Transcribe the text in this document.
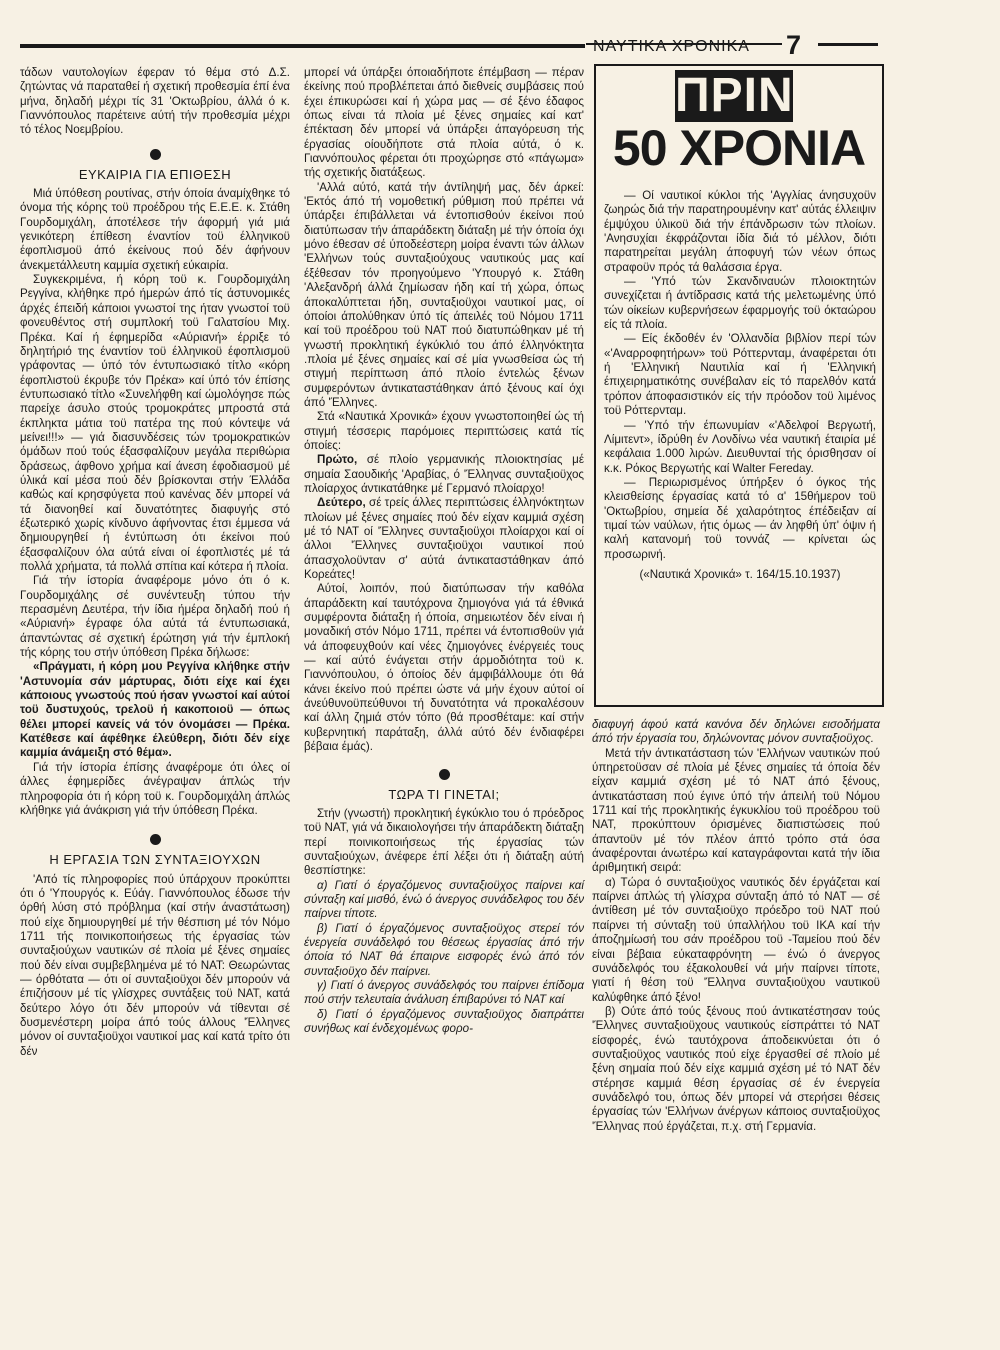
ΝΑΥΤΙΚΑ ΧΡΟΝΙΚΑ 7

τάδων ναυτολογίων έφεραν τό θέμα στό Δ.Σ. ζητώντας νά παραταθεί ή σχετική προθεσμία έπί ένα μήνα, δηλαδή μέχρι τίς 31 'Οκτωβρίου, άλλά ό κ. Γιαννόπουλος παρέτεινε αύτή τήν προθεσμία μέχρι τό τέλος Νοεμβρίου.

ΕΥΚΑΙΡΙΑ ΓΙΑ ΕΠΙΘΕΣΗ

Μιά ύπόθεση ρουτίνας, στήν όποία άναμίχθηκε τό όνομα τής κόρης τοϋ προέδρου τής Ε.Ε.Ε. κ. Στάθη Γουρδομιχάλη, άποτέλεσε τήν άφορμή γιά μιά γενικότερη έπίθεση έναντίον τοϋ έλληνικοϋ έφοπλισμοϋ άπό έκείνους πού δέν άφήνουν άνεκμετάλλευτη καμμία σχετική εύκαιρία.

Συγκεκριμένα, ή κόρη τοϋ κ. Γουρδομιχάλη Ρεγγίνα, κλήθηκε πρό ήμερών άπό τίς άστυνομικές άρχές έπειδή κάποιοι γνωστοί της ήταν γνωστοί τοϋ φονευθέντος στή συμπλοκή τοϋ Γαλατσίου Μιχ. Πρέκα. Καί ή έφημερίδα «Αύριανή» έρριξε τό δηλητήριό της έναντίον τοϋ έλληνικοϋ έφοπλισμοϋ γράφοντας — ύπό τόν έντυπωσιακό τίτλο «κόρη έφοπλιστοϋ έκρυβε τόν Πρέκα» καί ύπό τόν έπίσης έντυπωσιακό τίτλο «Συνελήφθη καί ώμολόγησε πώς παρείχε άσυλο στούς τρομοκράτες μπροστά στά έκπληκτα μάτια τοϋ πατέρα της πού κόντεψε νά μείνει!!!» — γιά διασυνδέσεις τών τρομοκρατικών όμάδων πού τούς έξασφαλίζουν μεγάλα περιθώρια δράσεως, άφθονο χρήμα καί άνεση έφοδιασμοϋ μέ ύλικά καί μέσα πού δέν βρίσκονται στήν Έλλάδα καθώς καί κρησφύγετα πού κανένας δέν μπορεί νά τά διανοηθεί καί δυνατότητες διαφυγής στό έξωτερικό χωρίς κίνδυνο άφήνοντας έτσι έμμεσα νά δημιουργηθεί ή έντύπωση ότι έκείνοι πού έξασφαλίζουν όλα αύτά είναι οί έφοπλιστές μέ τά πολλά χρήματα, τά πολλά σπίτια καί κότερα ή πλοία.

Γιά τήν ίστορία άναφέρομε μόνο ότι ό κ. Γουρδομιχάλης σέ συνέντευξη τύπου τήν περασμένη Δευτέρα, τήν ίδια ήμέρα δηλαδή πού ή «Αύριανή» έγραφε όλα αύτά τά έντυπωσιακά, άπαντώντας σέ σχετική έρώτηση γιά τήν έμπλοκή τής κόρης του στήν ύπόθεση Πρέκα δήλωσε:

«Πράγματι, ή κόρη μου Ρεγγίνα κλήθηκε στήν 'Αστυνομία σάν μάρτυρας, διότι είχε καί έχει κάποιους γνωστούς πού ήσαν γνωστοί καί αύτοί τοϋ δυστυχούς, τρελοϋ ή κακοποιοϋ — όπως θέλει μπορεί κανείς νά τόν όνομάσει — Πρέκα. Κατέθεσε καί άφέθηκε έλεύθερη, διότι δέν είχε καμμία άνάμειξη στό θέμα».

Γιά τήν ίστορία έπίσης άναφέρομε ότι όλες οί άλλες έφημερίδες άνέγραψαν άπλώς τήν πληροφορία ότι ή κόρη τοϋ κ. Γουρδομιχάλη άπλώς κλήθηκε γιά άνάκριση γιά τήν ύπόθεση Πρέκα.

Η ΕΡΓΑΣΙΑ ΤΩΝ ΣΥΝΤΑΞΙΟΥΧΩΝ

'Από τίς πληροφορίες πού ύπάρχουν προκύπτει ότι ό 'Υπουργός κ. Εύάγ. Γιαννόπουλος έδωσε τήν όρθή λύση στό πρόβλημα (καί στήν άναστάτωση) πού είχε δημιουργηθεί μέ τήν θέσπιση μέ τόν Νόμο 1711 τής ποινικοποιήσεως τής έργασίας τών συνταξιούχων ναυτικών σέ πλοία μέ ξένες σημαίες πού δέν είναι συμβεβλημένα μέ τό ΝΑΤ: Θεωρώντας — όρθότατα — ότι οί συνταξιοϋχοι δέν μπορούν νά έπιζήσουν μέ τίς γλίσχρες συντάξεις τοϋ ΝΑΤ, κατά δεύτερο λόγο ότι δέν μπορούν νά τίθενται σέ δυσμενέστερη μοίρα άπό τούς άλλους 'Έλληνες μόνον οί συνταξιοϋχοι ναυτικοί μας καί κατά τρίτο ότι δέν

μπορεί νά ύπάρξει όποιαδήποτε έπέμβαση — πέραν έκείνης πού προβλέπεται άπό διεθνείς συμβάσεις πού έχει έπικυρώσει καί ή χώρα μας — σέ ξένο έδαφος όπως είναι τά πλοία μέ ξένες σημαίες καί κατ' έπέκταση δέν μπορεί νά ύπάρξει άπαγόρευση τής έργασίας οίουδήποτε στά πλοία αύτά, ό κ. Γιαννόπουλος φέρεται ότι προχώρησε στό «πάγωμα» τής σχετικής διατάξεως.

'Αλλά αύτό, κατά τήν άντίληψή μας, δέν άρκεί: 'Εκτός άπό τή νομοθετική ρύθμιση πού πρέπει νά ύπάρξει έπιβάλλεται νά έντοπισθούν έκείνοι πού διατύπωσαν τήν άπαράδεκτη διάταξη μέ τήν όποία όχι μόνο έθεσαν σέ ύποδεέστερη μοίρα έναντι τών άλλων 'Ελλήνων τούς συνταξιούχους ναυτικούς μας καί έξέθεσαν τόν προηγούμενο 'Υπουργό κ. Στάθη 'Αλεξανδρή άλλά ζημίωσαν ήδη καί τή χώρα, όπως άποκαλύπτεται ήδη, συνταξιοϋχοι ναυτικοί μας, οί όποίοι άπολύθηκαν ύπό τίς άπειλές τοϋ Νόμου 1711 καί τοϋ προέδρου τοϋ ΝΑΤ πού διατυπώθηκαν μέ τή γνωστή προκλητική έγκύκλιό του άπό έλληνόκτητα .πλοία μέ ξένες σημαίες καί σέ μία γνωσθείσα ώς τή στιγμή περίπτωση άπό πλοίο έντελώς ξένων συμφερόντων άντικαταστάθηκαν άπό ξένους καί όχι άπό 'Έλληνες.

Στά «Ναυτικά Χρονικά» έχουν γνωστοποιηθεί ώς τή στιγμή τέσσερις παρόμοιες περιπτώσεις κατά τίς όποίες:

Πρώτο, σέ πλοίο γερμανικής πλοιοκτησίας μέ σημαία Σαουδικής 'Αραβίας, ό 'Έλληνας συνταξιοϋχος πλοίαρχος άντικατάθηκε μέ Γερμανό πλοίαρχο!

Δεύτερο, σέ τρείς άλλες περιπτώσεις έλληνόκτητων πλοίων μέ ξένες σημαίες πού δέν είχαν καμμιά σχέση μέ τό ΝΑΤ οί 'Έλληνες συνταξιοϋχοι πλοίαρχοι καί οί άλλοι 'Έλληνες συνταξιοϋχοι ναυτικοί πού άπασχολοϋνταν σ' αύτά άντικαταστάθηκαν άπό Κορεάτες!

Αύτοί, λοιπόν, πού διατύπωσαν τήν καθόλα άπαράδεκτη καί ταυτόχρονα ζημιογόνα γιά τά έθνικά συμφέροντα διάταξη ή όποία, σημειωτέον δέν είναι ή μοναδική στόν Νόμο 1711, πρέπει νά έντοπισθοϋν γιά νά άποφευχθούν καί νέες ζημιογόνες ένέργειές τους — καί αύτό ένάγεται στήν άρμοδιότητα τοϋ κ. Γιαννόπουλου, ό όποίος δέν άμφιβάλλουμε ότι θά κάνει έκείνο πού πρέπει ώστε νά μήν έχουν αύτοί οί άνεύθυνοϋπεύθυνοι τή δυνατότητα νά προκαλέσουν καί άλλη ζημιά στόν τόπο (θά προσθέταμε: καί στήν κυβερνητική παράταξη, άλλά αύτό δέν ένδιαφέρει βέβαια έμάς).

ΤΩΡΑ ΤΙ ΓΙΝΕΤΑΙ;

Στήν (γνωστή) προκλητική έγκύκλιο του ό πρόεδρος τοϋ ΝΑΤ, γιά νά δικαιολογήσει τήν άπαράδεκτη διάταξη περί ποινικοποιήσεως τής έργασίας τών συνταξιούχων, άνέφερε έπί λέξει ότι ή διάταξη αύτή θεσπίστηκε:

α) Γιατί ό έργαζόμενος συνταξιοϋχος παίρνει καί σύνταξη καί μισθό, ένώ ό άνεργος συνάδελφος του δέν παίρνει τίποτε.

β) Γιατί ό έργαζόμενος συνταξιοϋχος στερεί τόν ένεργεία συνάδελφό του θέσεως έργασίας άπό τήν όποία τό ΝΑΤ θά έπαιρνε εισφορές ένώ άπό τόν συνταξιοϋχο δέν παίρνει.

γ) Γιατί ό άνεργος συνάδελφός του παίρνει έπίδομα πού στήν τελευταία άνάλυση έπιβαρύνει τό ΝΑΤ καί

δ) Γιατί ό έργαζόμενος συνταξιοϋχος διαπράττει συνήθως καί ένδεχομένως φορο-

ΠΡΙΝ
50 ΧΡΟΝΙΑ

— Οί ναυτικοί κύκλοι τής 'Αγγλίας άνησυχοϋν ζωηρώς διά τήν παρατηρουμένην κατ' αύτάς έλλειψιν έμψύχου ύλικοϋ διά τήν έπάνδρωσιν τών πλοίων. 'Ανησυχίαι έκφράζονται ίδία διά τό μέλλον, διότι παρατηρείται μεγάλη άποφυγή τών νέων όπως στραφοϋν πρός τά θαλάσσια έργα.

— 'Υπό τών Σκανδιναυών πλοιοκτητών συνεχίζεται ή άντίδρασις κατά τής μελετωμένης ύπό τών οίκείων κυβερνήσεων έφαρμογής τοϋ όκταώρου είς τά πλοία.

— Είς έκδοθέν έν 'Ολλανδία βιβλίον περί τών «'Αναρροφητήρων» τοϋ Ρόττερνταμ, άναφέρεται ότι ή 'Ελληνική Ναυτιλία καί ή 'Ελληνική έπιχειρηματικότης συνέβαλαν είς τό παρελθόν κατά τρόπον άποφασιστικόν είς τήν πρόοδον τοϋ λιμένος τοϋ Ρόττερνταμ.

— 'Υπό τήν έπωνυμίαν «'Αδελφοί Βεργωτή, Λίμιτεντ», ίδρύθη έν Λονδίνω νέα ναυτική έταιρία μέ κεφάλαια 1.000 λιρών. Διευθυνταί τής όρισθησαν οί κ.κ. Ρόκος Βεργωτής καί Walter Fereday.

— Περιωρισμένος ύπήρξεν ό όγκος τής κλεισθείσης έργασίας κατά τό α' 15θήμερον τοϋ 'Οκτωβρίου, σημεία δέ χαλαρότητος έπέδειξαν αί τιμαί τών ναύλων, ήτις όμως — άν ληφθή ύπ' όψιν ή καλή κατανομή τοϋ τοννάζ — κρίνεται ώς προσωρινή.

(«Ναυτικά Χρονικά» τ. 164/15.10.1937)

διαφυγή άφού κατά κανόνα δέν δηλώνει εισοδήματα άπό τήν έργασία του, δηλώνοντας μόνον συνταξιοϋχος.

Μετά τήν άντικατάσταση τών 'Ελλήνων ναυτικών πού ύπηρετοϋσαν σέ πλοία μέ ξένες σημαίες τά όποία δέν είχαν καμμιά σχέση μέ τό ΝΑΤ άπό ξένους, άντικατάσταση πού έγινε ύπό τήν άπειλή τοϋ Νόμου 1711 καί τής προκλητικής έγκυκλίου τοϋ προέδρου τοϋ ΝΑΤ, προκύπτουν όρισμένες διαπιστώσεις πού άπαντοϋν μέ τόν πλέον άπτό τρόπο στά όσα άναφέρονται άνωτέρω καί καταγράφονται κατά τήν ίδια άριθμητική σειρά:

α) Τώρα ό συνταξιοϋχος ναυτικός δέν έργάζεται καί παίρνει άπλώς τή γλίσχρα σύνταξη άπό τό ΝΑΤ — σέ άντίθεση μέ τόν συνταξιοϋχο πρόεδρο τοϋ ΝΑΤ πού παίρνει τή σύνταξη τοϋ ύπαλλήλου τοϋ ΙΚΑ καί τήν άποζημίωσή του σάν προέδρου τοϋ -Ταμείου πού δέν είναι βέβαια εύκαταφρόνητη — ένώ ό άνεργος συνάδελφός του έξακολουθεί νά μήν παίρνει τίποτε, γιατί ή θέση τοϋ 'Έλληνα συνταξιοϋχου ναυτικοϋ καλύφθηκε άπό ξένο!

β) Ούτε άπό τούς ξένους πού άντικατέστησαν τούς 'Έλληνες συνταξιοϋχους ναυτικούς είσπράττει τό ΝΑΤ είσφορές, ένώ ταυτόχρονα άποδεικνύεται ότι ό συνταξιοϋχος ναυτικός πού είχε έργασθεί σέ πλοίο μέ ξένη σημαία πού δέν είχε καμμιά σχέση μέ τό ΝΑΤ δέν στέρησε καμμιά θέση έργασίας σέ έν ένεργεία συνάδελφό του, όπως δέν μπορεί νά στερήσει θέσεις έργασίας τών 'Ελλήνων άνέργων κάποιος συνταξιοϋχος 'Έλληνας πού έργάζεται, π.χ. στή Γερμανία.
